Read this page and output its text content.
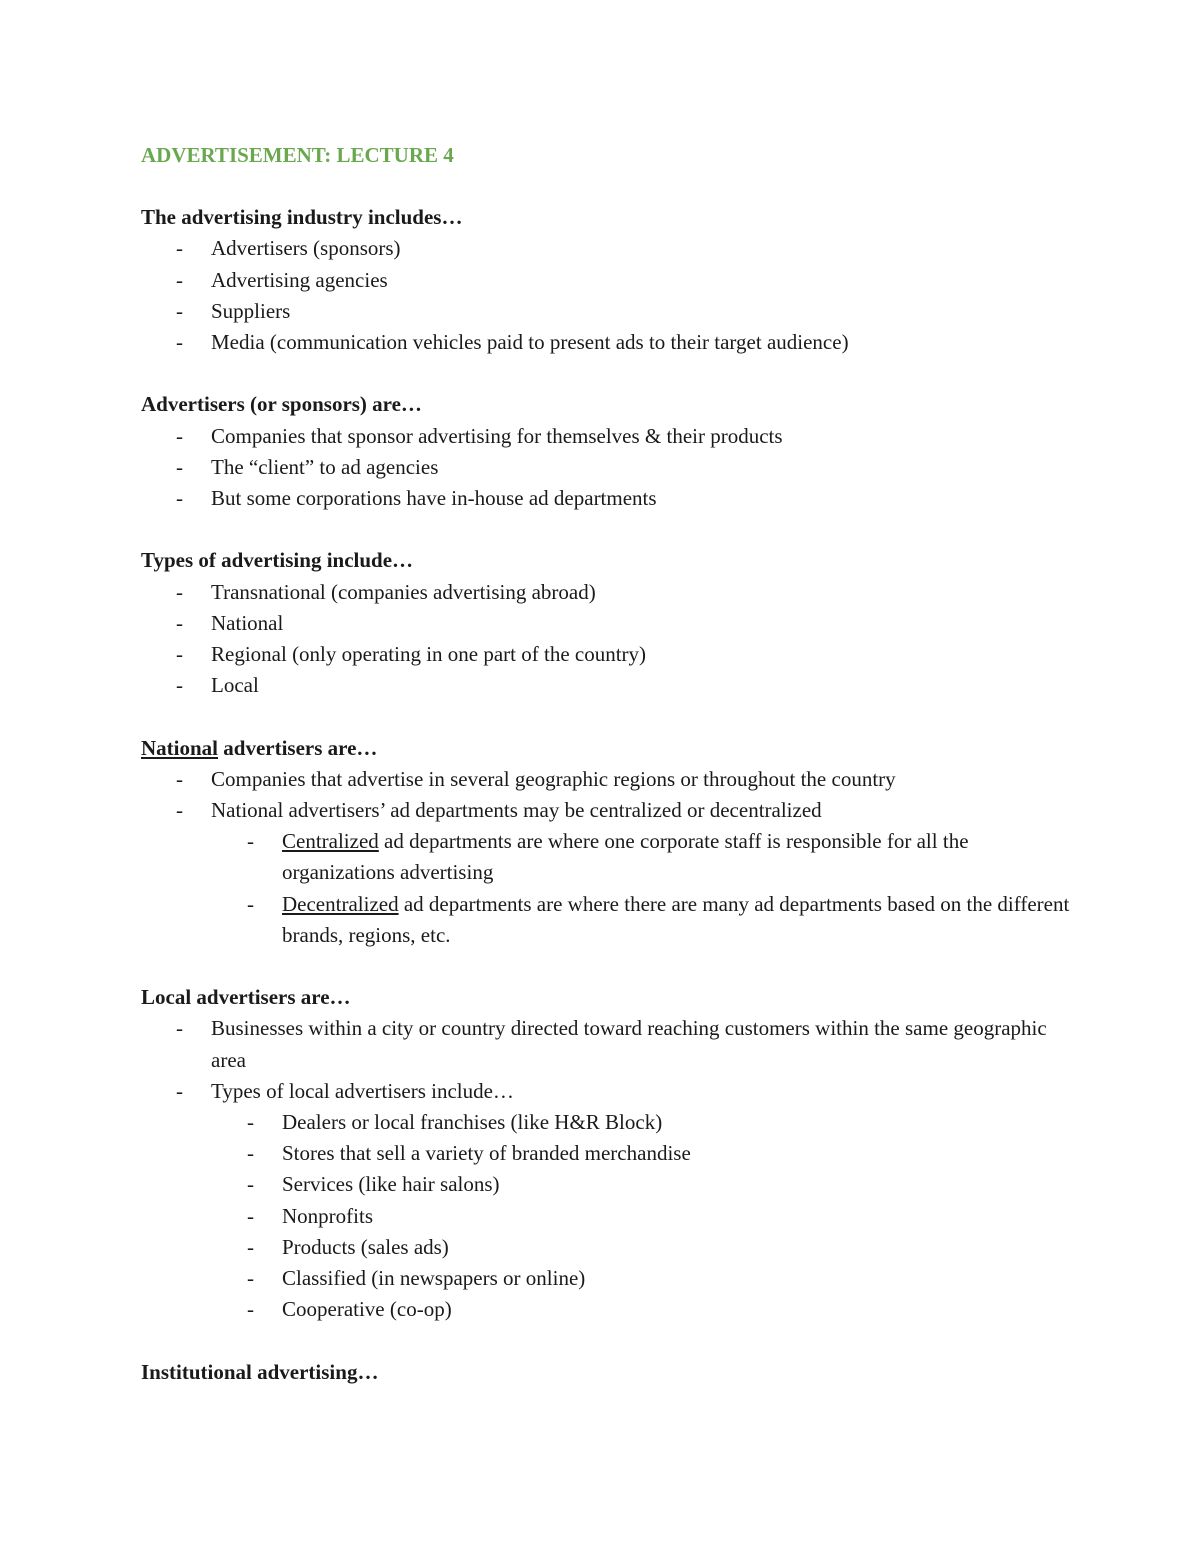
ADVERTISEMENT: LECTURE 4

The advertising industry includes…

- Advertisers (sponsors)
- Advertising agencies
- Suppliers
- Media (communication vehicles paid to present ads to their target audience)

Advertisers (or sponsors) are…

- Companies that sponsor advertising for themselves & their products
- The “client” to ad agencies
- But some corporations have in-house ad departments

Types of advertising include…

- Transnational (companies advertising abroad)
- National
- Regional (only operating in one part of the country)
- Local

National advertisers are…

- Companies that advertise in several geographic regions or throughout the country
- National advertisers’ ad departments may be centralized or decentralized
- Centralized ad departments are where one corporate staff is responsible for all the organizations advertising
- Decentralized ad departments are where there are many ad departments based on the different brands, regions, etc.

Local advertisers are…

- Businesses within a city or country directed toward reaching customers within the same geographic area
- Types of local advertisers include…
- Dealers or local franchises (like H&R Block)
- Stores that sell a variety of branded merchandise
- Services (like hair salons)
- Nonprofits
- Products (sales ads)
- Classified (in newspapers or online)
- Cooperative (co-op)

Institutional advertising…
